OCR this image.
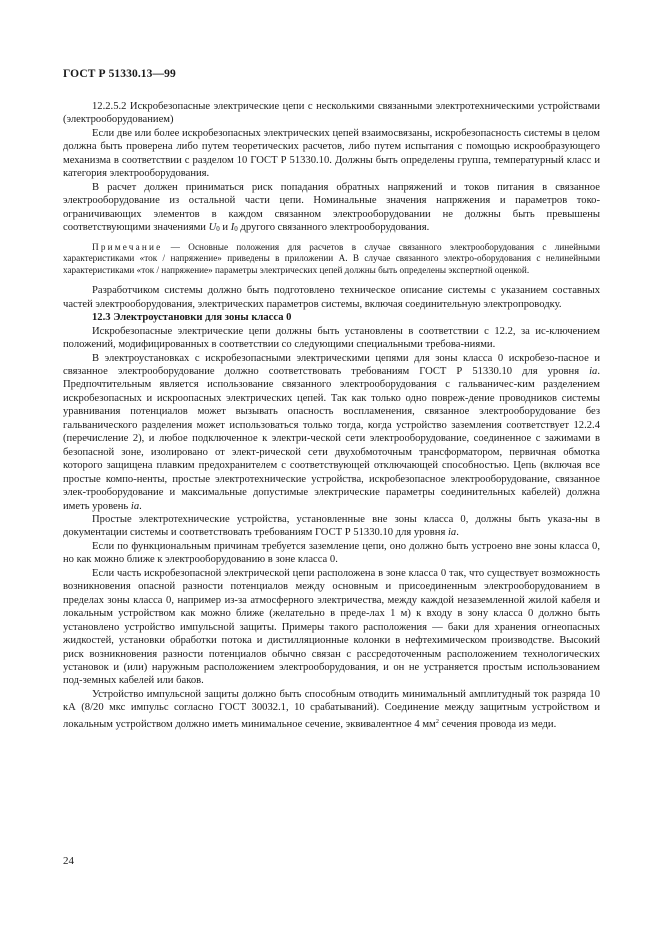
ГОСТ Р 51330.13—99

12.2.5.2 Искробезопасные электрические цепи с несколькими связанными электротехническими устройствами (электрооборудованием)

Если две или более искробезопасных электрических цепей взаимосвязаны, искробезопасность системы в целом должна быть проверена либо путем теоретических расчетов, либо путем испытания с помощью искрообразующего механизма в соответствии с разделом 10 ГОСТ Р 51330.10. Должны быть определены группа, температурный класс и категория электрооборудования.

В расчет должен приниматься риск попадания обратных напряжений и токов питания в связанное электрооборудование из остальной части цепи. Номинальные значения напряжения и параметров токо-ограничивающих элементов в каждом связанном электрооборудовании не должны быть превышены соответствующими значениями U0 и I0 другого связанного электрооборудования.

Примечание — Основные положения для расчетов в случае связанного электрооборудования с линейными характеристиками «ток / напряжение» приведены в приложении А. В случае связанного электро-оборудования с нелинейными характеристиками «ток / напряжение» параметры электрических цепей должны быть определены экспертной оценкой.

Разработчиком системы должно быть подготовлено техническое описание системы с указанием составных частей электрооборудования, электрических параметров системы, включая соединительную электропроводку.

12.3 Электроустановки для зоны класса 0

Искробезопасные электрические цепи должны быть установлены в соответствии с 12.2, за ис-ключением положений, модифицированных в соответствии со следующими специальными требова-ниями.

В электроустановках с искробезопасными электрическими цепями для зоны класса 0 искробезо-пасное и связанное электрооборудование должно соответствовать требованиям ГОСТ Р 51330.10 для уровня ia. Предпочтительным является использование связанного электрооборудования с гальваничес-ким разделением искробезопасных и искроопасных электрических цепей. Так как только одно повреж-дение проводников системы уравнивания потенциалов может вызывать опасность воспламенения, связанное электрооборудование без гальванического разделения может использоваться только тогда, когда устройство заземления соответствует 12.2.4 (перечисление 2), и любое подключенное к электри-ческой сети электрооборудование, соединенное с зажимами в безопасной зоне, изолировано от элект-рической сети двухобмоточным трансформатором, первичная обмотка которого защищена плавким предохранителем с соответствующей отключающей способностью. Цепь (включая все простые компо-ненты, простые электротехнические устройства, искробезопасное электрооборудование, связанное элек-трооборудование и максимальные допустимые электрические параметры соединительных кабелей) должна иметь уровень ia.

Простые электротехнические устройства, установленные вне зоны класса 0, должны быть указа-ны в документации системы и соответствовать требованиям ГОСТ Р 51330.10 для уровня ia.

Если по функциональным причинам требуется заземление цепи, оно должно быть устроено вне зоны класса 0, но как можно ближе к электрооборудованию в зоне класса 0.

Если часть искробезопасной электрической цепи расположена в зоне класса 0 так, что существует возможность возникновения опасной разности потенциалов между основным и присоединенным электрооборудованием в пределах зоны класса 0, например из-за атмосферного электричества, между каждой незаземленной жилой кабеля и локальным устройством как можно ближе (желательно в преде-лах 1 м) к входу в зону класса 0 должно быть установлено устройство импульсной защиты. Примеры такого расположения — баки для хранения огнеопасных жидкостей, установки обработки потока и дистилляционные колонки в нефтехимическом производстве. Высокий риск возникновения разности потенциалов обычно связан с рассредоточенным расположением технологических установок и (или) наружным расположением электрооборудования, и он не устраняется простым использованием под-земных кабелей или баков.

Устройство импульсной защиты должно быть способным отводить минимальный амплитудный ток разряда 10 кА (8/20 мкс импульс согласно ГОСТ 30032.1, 10 срабатываний). Соединение между защитным устройством и локальным устройством должно иметь минимальное сечение, эквивалентное 4 $мм^2$ сечения провода из меди.

24
